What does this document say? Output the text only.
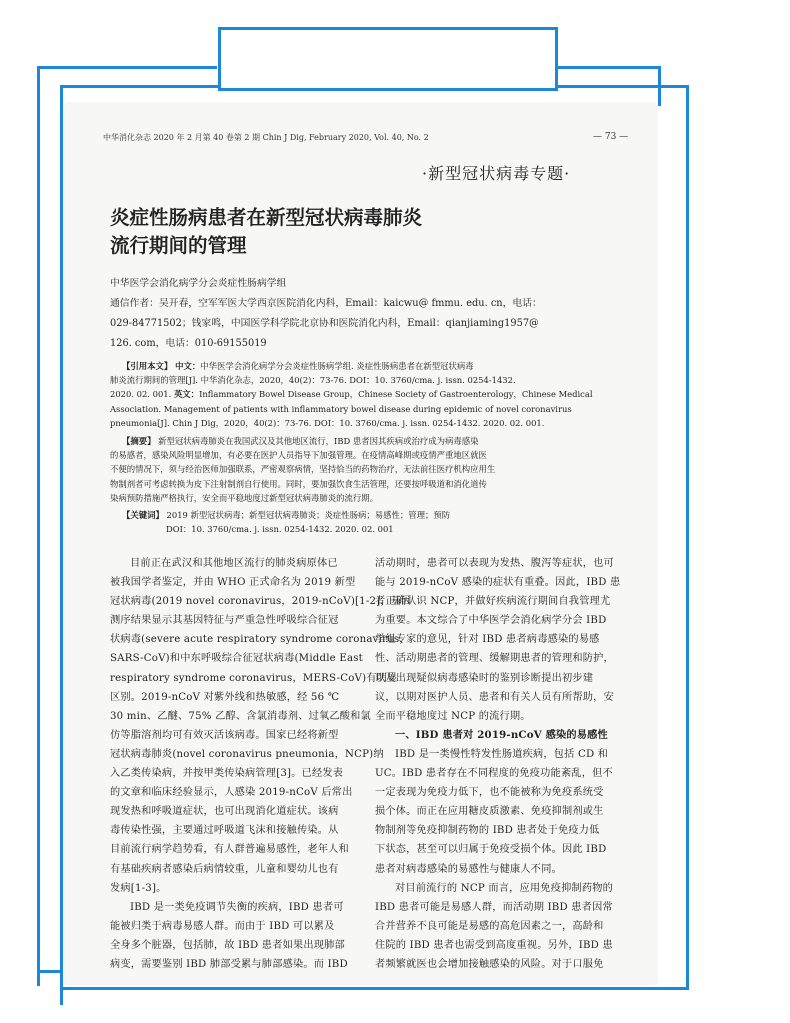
中华消化杂志 2020 年 2 月第 40 卷第 2 期 Chin J Dig, February 2020, Vol. 40, No. 2	— 73 —
·新型冠状病毒专题·
炎症性肠病患者在新型冠状病毒肺炎
流行期间的管理
中华医学会消化病学分会炎症性肠病学组
通信作者：吴开春，空军军医大学西京医院消化内科，Email：kaicwu@ fmmu. edu. cn，电话：
029-84771502；钱家鸣，中国医学科学院北京协和医院消化内科，Email：qianjiaming1957@
126. com，电话：010-69155019
【引用本文】 中文：中华医学会消化病学分会炎症性肠病学组. 炎症性肠病患者在新型冠状病毒
肺炎流行期间的管理[J]. 中华消化杂志，2020，40(2)：73-76. DOI：10. 3760/cma. j. issn. 0254-1432.
2020. 02. 001. 英文：Inflammatory Bowel Disease Group，Chinese Society of Gastroenterology，Chinese Medical
Association. Management of patients with inflammatory bowel disease during epidemic of novel coronavirus
pneumonia[J]. Chin J Dig，2020，40(2)：73-76. DOI：10. 3760/cma. j. issn. 0254-1432. 2020. 02. 001.
【摘要】 新型冠状病毒肺炎在我国武汉及其他地区流行，IBD 患者因其疾病或治疗成为病毒感染
的易感者，感染风险明显增加，有必要在医护人员指导下加强管理。在疫情高峰期或疫情严重地区就医
不便的情况下，须与经治医师加强联系，严密观察病情，坚持恰当的药物治疗，无法前往医疗机构应用生
物制剂者可考虑转换为皮下注射制剂自行使用。同时，要加强饮食生活管理，还要按呼吸道和消化道传
染病预防措施严格执行，安全而平稳地度过新型冠状病毒肺炎的流行期。
【关键词】 2019 新型冠状病毒；新型冠状病毒肺炎；炎症性肠病；易感性；管理；预防
DOI：10. 3760/cma. j. issn. 0254-1432. 2020. 02. 001
目前正在武汉和其他地区流行的肺炎病原体已
被我国学者鉴定，并由 WHO 正式命名为 2019 新型
冠状病毒(2019 novel coronavirus，2019-nCoV)[1-2]，基因
测序结果显示其基因特征与严重急性呼吸综合征冠
状病毒(severe acute respiratory syndrome coronavirus，
SARS-CoV)和中东呼吸综合征冠状病毒(Middle East
respiratory syndrome coronavirus，MERS-CoV)有明显
区别。2019-nCoV 对紫外线和热敏感，经 56 ℃
30 min、乙醚、75% 乙醇、含氯消毒剂、过氧乙酸和氯
仿等脂溶剂均可有效灭活该病毒。国家已经将新型
冠状病毒肺炎(novel coronavirus pneumonia，NCP)纳
入乙类传染病，并按甲类传染病管理[3]。已经发表
的文章和临床经验显示，人感染 2019-nCoV 后常出
现发热和呼吸道症状，也可出现消化道症状。该病
毒传染性强，主要通过呼吸道飞沫和接触传染。从
目前流行病学趋势看，有人群普遍易感性，老年人和
有基础疾病者感染后病情较重，儿童和婴幼儿也有
发病[1-3]。
IBD 是一类免疫调节失衡的疾病，IBD 患者可
能被归类于病毒易感人群。而由于 IBD 可以累及
全身多个脏器，包括肺，故 IBD 患者如果出现肺部
病变，需要鉴别 IBD 肺部受累与肺部感染。而 IBD
活动期时，患者可以表现为发热、腹泻等症状，也可
能与 2019-nCoV 感染的症状有重叠。因此，IBD 患
者正确认识 NCP，并做好疾病流行期间自我管理尤
为重要。本文综合了中华医学会消化病学分会 IBD
学组专家的意见，针对 IBD 患者病毒感染的易感
性、活动期患者的管理、缓解期患者的管理和防护，
以及出现疑似病毒感染时的鉴别诊断提出初步建
议，以期对医护人员、患者和有关人员有所帮助，安
全而平稳地度过 NCP 的流行期。
一、IBD 患者对 2019-nCoV 感染的易感性
IBD 是一类慢性特发性肠道疾病，包括 CD 和
UC。IBD 患者存在不同程度的免疫功能紊乱，但不
一定表现为免疫力低下，也不能被称为免疫系统受
损个体。而正在应用糖皮质激素、免疫抑制剂或生
物制剂等免疫抑制药物的 IBD 患者处于免疫力低
下状态，甚至可以归属于免疫受损个体。因此 IBD
患者对病毒感染的易感性与健康人不同。
对目前流行的 NCP 而言，应用免疫抑制药物的
IBD 患者可能是易感人群，而活动期 IBD 患者因常
合并营养不良可能是易感的高危因素之一，高龄和
住院的 IBD 患者也需受到高度重视。另外，IBD 患
者频繁就医也会增加接触感染的风险。对于口服免
